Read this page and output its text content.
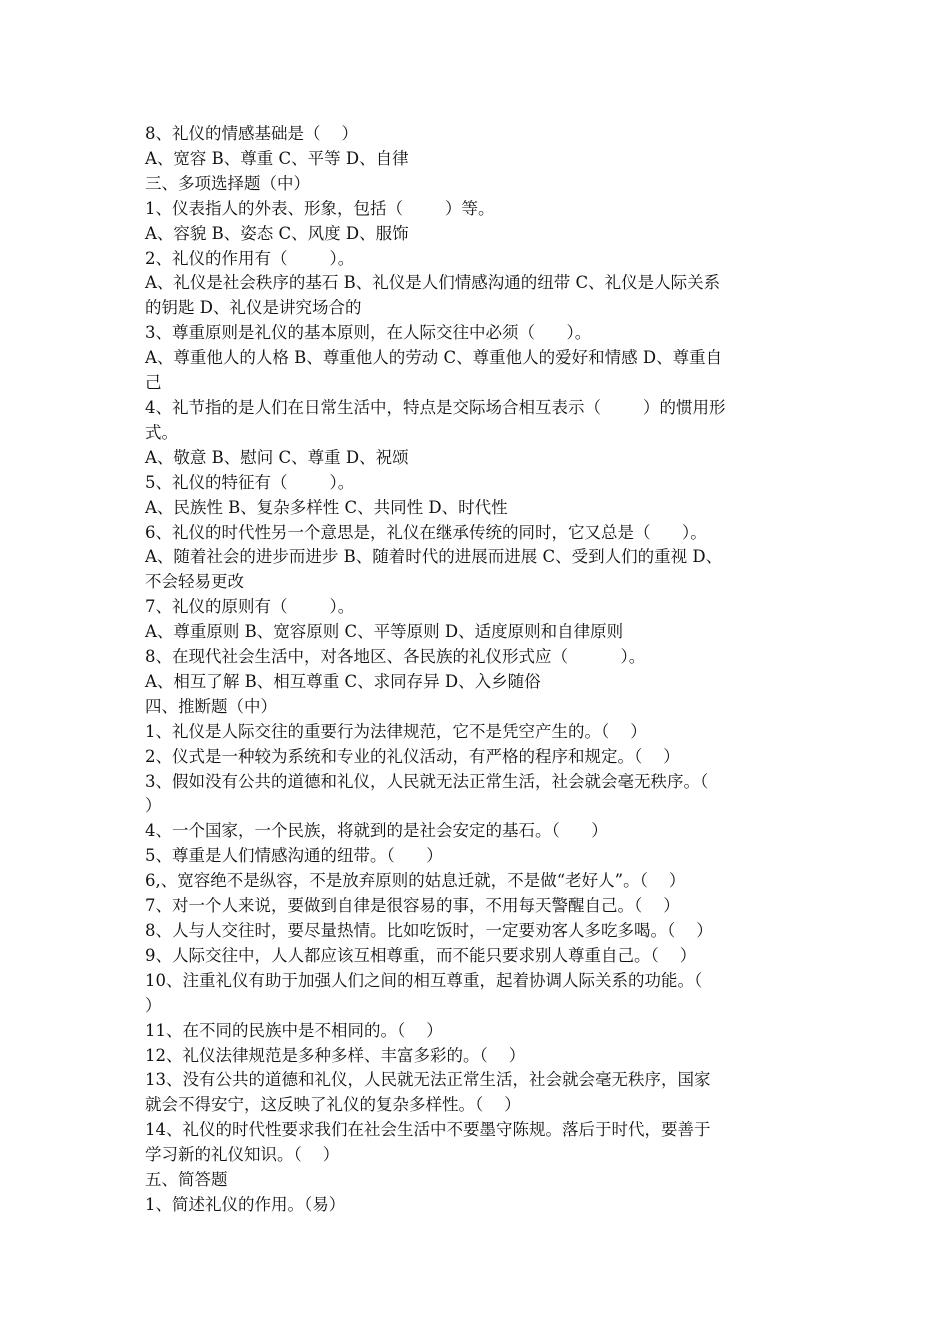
8、礼仪的情感基础是（    ）

A、宽容 B、尊重 C、平等 D、自律

三、多项选择题（中）

1、仪表指人的外表、形象，包括（        ）等。

A、容貌 B、姿态 C、风度 D、服饰

2、礼仪的作用有（        ）。

A、礼仪是社会秩序的基石 B、礼仪是人们情感沟通的纽带 C、礼仪是人际关系

的钥匙 D、礼仪是讲究场合的

3、尊重原则是礼仪的基本原则，在人际交往中必须（      ）。

A、尊重他人的人格 B、尊重他人的劳动 C、尊重他人的爱好和情感 D、尊重自

己

4、礼节指的是人们在日常生活中，特点是交际场合相互表示（        ）的惯用形

式。

A、敬意 B、慰问 C、尊重 D、祝颂

5、礼仪的特征有（        ）。

A、民族性 B、复杂多样性 C、共同性 D、时代性

6、礼仪的时代性另一个意思是，礼仪在继承传统的同时，它又总是（      ）。

A、随着社会的进步而进步 B、随着时代的进展而进展 C、受到人们的重视 D、

不会轻易更改

7、礼仪的原则有（        ）。

A、尊重原则 B、宽容原则 C、平等原则 D、适度原则和自律原则

8、在现代社会生活中，对各地区、各民族的礼仪形式应（          ）。

A、相互了解 B、相互尊重 C、求同存异 D、入乡随俗

四、推断题（中）

1、礼仪是人际交往的重要行为法律规范，它不是凭空产生的。（    ）

2、仪式是一种较为系统和专业的礼仪活动，有严格的程序和规定。（    ）

3、假如没有公共的道德和礼仪，人民就无法正常生活，社会就会毫无秩序。（

）

4、一个国家，一个民族，将就到的是社会安定的基石。（      ）

5、尊重是人们情感沟通的纽带。（      ）

6,、宽容绝不是纵容，不是放弃原则的姑息迁就，不是做“老好人”。（    ）

7、对一个人来说，要做到自律是很容易的事，不用每天警醒自己。（    ）

8、人与人交往时，要尽量热情。比如吃饭时，一定要劝客人多吃多喝。（    ）

9、人际交往中，人人都应该互相尊重，而不能只要求别人尊重自己。（    ）

10、注重礼仪有助于加强人们之间的相互尊重，起着协调人际关系的功能。（

）

11、在不同的民族中是不相同的。（    ）

12、礼仪法律规范是多种多样、丰富多彩的。（    ）

13、没有公共的道德和礼仪，人民就无法正常生活，社会就会毫无秩序，国家

就会不得安宁，这反映了礼仪的复杂多样性。（    ）

14、礼仪的时代性要求我们在社会生活中不要墨守陈规。落后于时代，要善于

学习新的礼仪知识。（    ）

五、简答题

1、简述礼仪的作用。（易）
